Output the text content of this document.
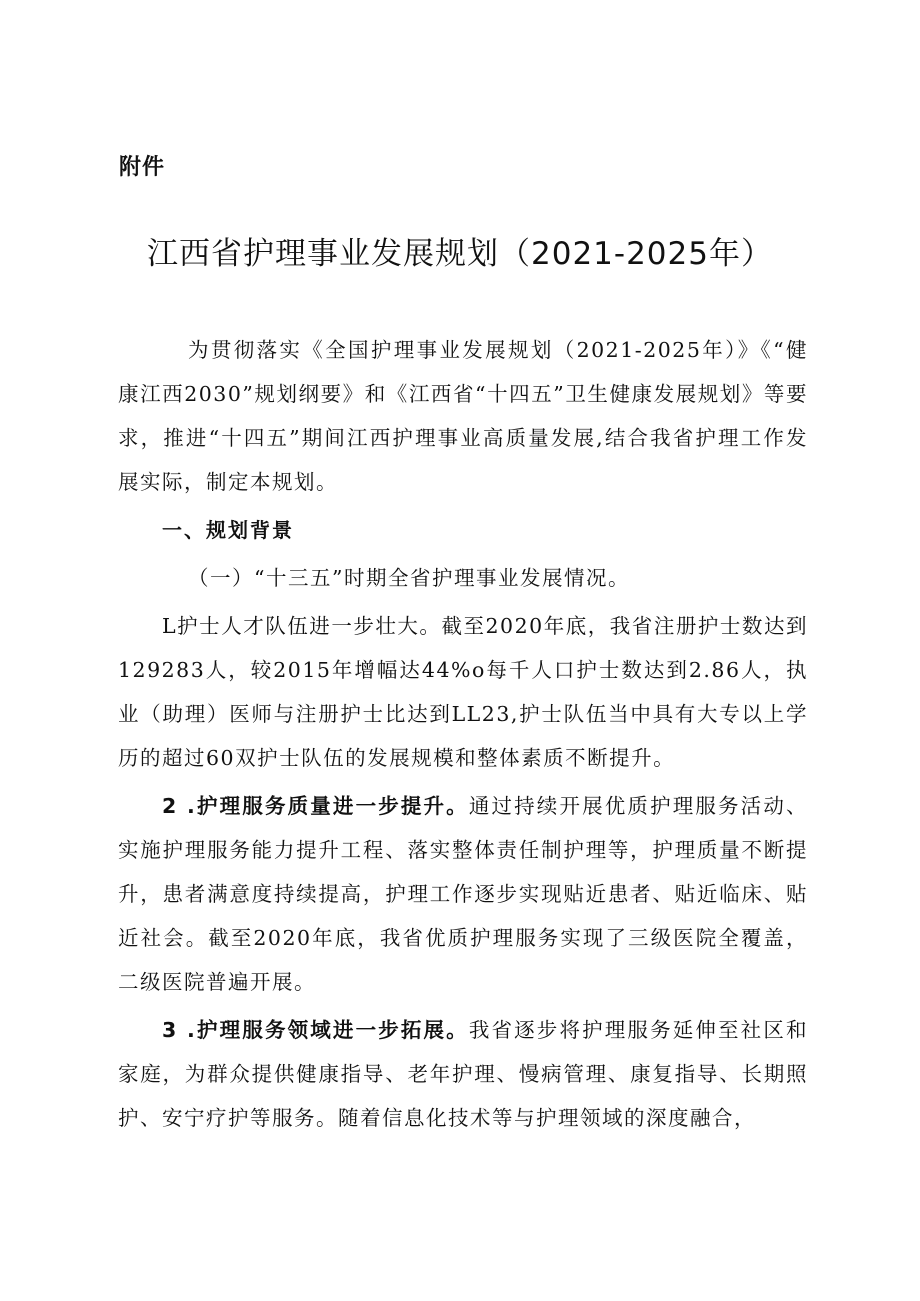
附件
江西省护理事业发展规划（2021-2025年）

为贯彻落实《全国护理事业发展规划（2021-2025年）》《“健康江西2030”规划纲要》和《江西省“十四五”卫生健康发展规划》等要求，推进“十四五”期间江西护理事业高质量发展,结合我省护理工作发展实际，制定本规划。

一、规划背景

（一）“十三五”时期全省护理事业发展情况。

L护士人才队伍进一步壮大。截至2020年底，我省注册护士数达到129283人，较2015年增幅达44%o每千人口护士数达到2.86人，执业（助理）医师与注册护士比达到LL23,护士队伍当中具有大专以上学历的超过60双护士队伍的发展规模和整体素质不断提升。

2 .护理服务质量进一步提升。通过持续开展优质护理服务活动、实施护理服务能力提升工程、落实整体责任制护理等，护理质量不断提升，患者满意度持续提高，护理工作逐步实现贴近患者、贴近临床、贴近社会。截至2020年底，我省优质护理服务实现了三级医院全覆盖，二级医院普遍开展。

3 .护理服务领域进一步拓展。我省逐步将护理服务延伸至社区和家庭，为群众提供健康指导、老年护理、慢病管理、康复指导、长期照护、安宁疗护等服务。随着信息化技术等与护理领域的深度融合，
